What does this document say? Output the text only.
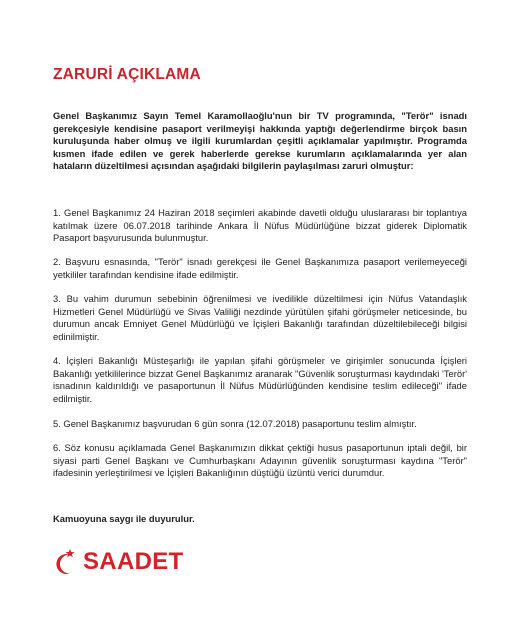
ZARURİ AÇIKLAMA

Genel Başkanımız Sayın Temel Karamollaoğlu'nun bir TV programında, "Terör" isnadı gerekçesiyle kendisine pasaport verilmeyişi hakkında yaptığı değerlendirme birçok basın kuruluşunda haber olmuş ve ilgili kurumlardan çeşitli açıklamalar yapılmıştır. Programda kısmen ifade edilen ve gerek haberlerde gerekse kurumların açıklamalarında yer alan hataların düzeltilmesi açısından aşağıdaki bilgilerin paylaşılması zaruri olmuştur:

1. Genel Başkanımız 24 Haziran 2018 seçimleri akabinde davetli olduğu uluslararası bir toplantıya katılmak üzere 06.07.2018 tarihinde Ankara İl Nüfus Müdürlüğüne bizzat giderek Diplomatik Pasaport başvurusunda bulunmuştur.

2. Başvuru esnasında, "Terör" isnadı gerekçesi ile Genel Başkanımıza pasaport verilemeyeceği yetkililer tarafından kendisine ifade edilmiştir.

3. Bu vahim durumun sebebinin öğrenilmesi ve ivedilikle düzeltilmesi için Nüfus Vatandaşlık Hizmetleri Genel Müdürlüğü ve Sivas Valiliği nezdinde yürütülen şifahi görüşmeler neticesinde, bu durumun ancak Emniyet Genel Müdürlüğü ve İçişleri Bakanlığı tarafından düzeltilebileceği bilgisi edinilmiştir.

4. İçişleri Bakanlığı Müsteşarlığı ile yapılan şifahi görüşmeler ve girişimler sonucunda İçişleri Bakanlığı yetkililerince bizzat Genel Başkanımız aranarak "Güvenlik soruşturması kaydındaki 'Terör' isnadının kaldırıldığı ve pasaportunun İl Nüfus Müdürlüğünden kendisine teslim edileceği" ifade edilmiştir.

5. Genel Başkanımız başvurudan 6 gün sonra (12.07.2018) pasaportunu teslim almıştır.

6. Söz konusu açıklamada Genel Başkanımızın dikkat çektiği husus pasaportunun iptali değil, bir siyasi parti Genel Başkanı ve Cumhurbaşkanı Adayının güvenlik soruşturması kaydına "Terör" ifadesinin yerleştirilmesi ve İçişleri Bakanlığının düştüğü üzüntü verici durumdur.

Kamuoyuna saygı ile duyurulur.

SAADET
